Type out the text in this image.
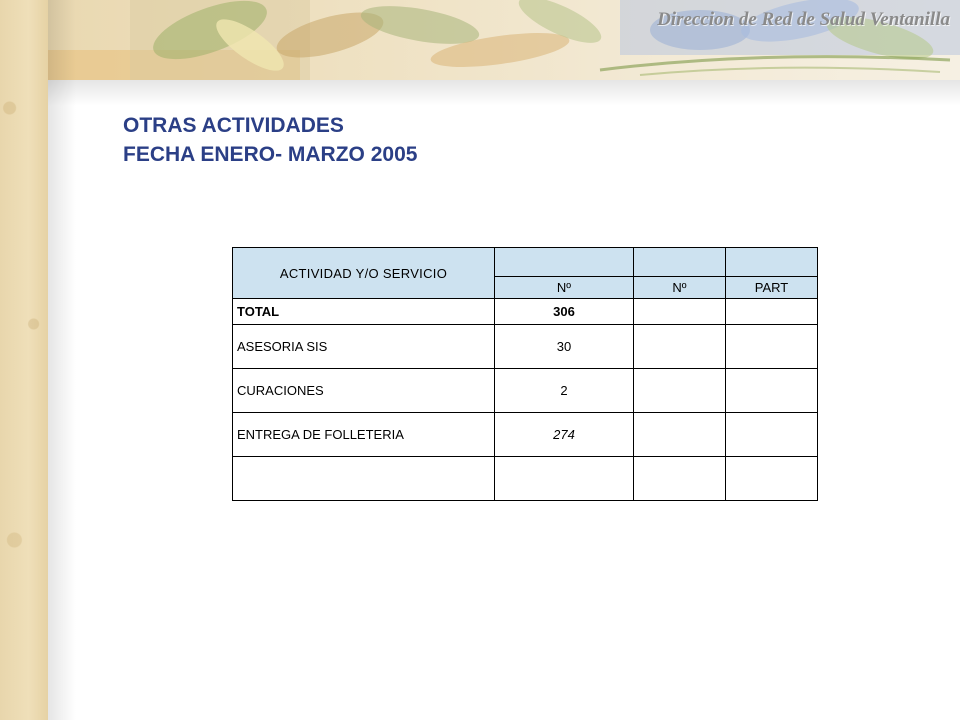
Direccion de Red de Salud Ventanilla
OTRAS ACTIVIDADES
FECHA ENERO- MARZO 2005
ACTIVIDAD Y/O SERVICIO			
	Nº	Nº	PART
TOTAL	306		
ASESORIA SIS	30		
CURACIONES	2		
ENTREGA DE FOLLETERIA	274		
